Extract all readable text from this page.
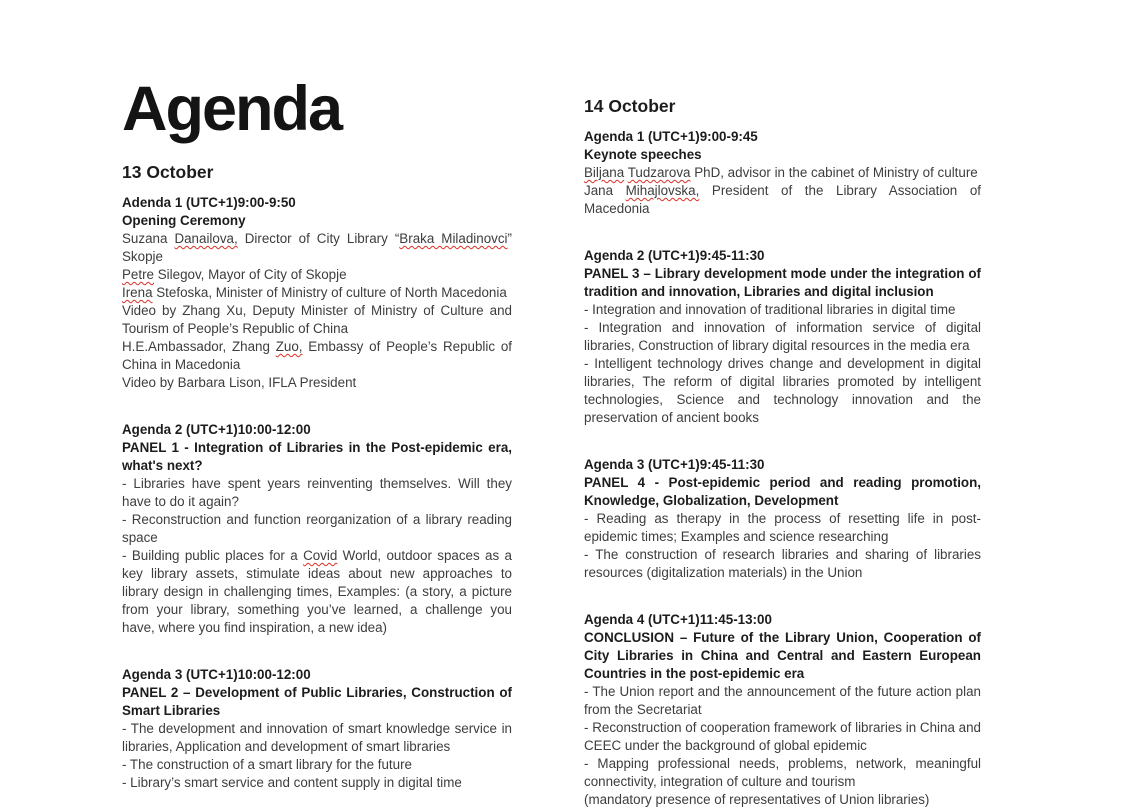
Agenda
13 October

Adenda 1 (UTC+1)9:00-9:50

Opening Ceremony

Suzana Danailova, Director of City Library “Braka Miladinovci” Skopje

Petre Silegov, Mayor of City of Skopje

Irena Stefoska, Minister of Ministry of culture of North Macedonia

Video by Zhang Xu, Deputy Minister of Ministry of Culture and Tourism of People’s Republic of China

H.E.Ambassador, Zhang Zuo, Embassy of People’s Republic of China in Macedonia

Video by Barbara Lison, IFLA President

Agenda 2 (UTC+1)10:00-12:00

PANEL 1 - Integration of Libraries in the Post-epidemic era, what's next?

- Libraries have spent years reinventing themselves. Will they have to do it again?

- Reconstruction and function reorganization of a library reading space

- Building public places for a Covid World, outdoor spaces as a key library assets, stimulate ideas about new approaches to library design in challenging times, Examples: (a story, a picture from your library, something you’ve learned, a challenge you have, where you find inspiration, a new idea)

Agenda 3 (UTC+1)10:00-12:00

PANEL 2 – Development of Public Libraries, Construction of Smart Libraries

- The development and innovation of smart knowledge service in libraries, Application and development of smart libraries

- The construction of a smart library for the future

- Library’s smart service and content supply in digital time

14 October

Agenda 1 (UTC+1)9:00-9:45

Keynote speeches

Biljana Tudzarova PhD, advisor in the cabinet of Ministry of culture

Jana Mihajlovska, President of the Library Association of Macedonia

Agenda 2 (UTC+1)9:45-11:30

PANEL 3 – Library development mode under the integration of tradition and innovation, Libraries and digital inclusion

- Integration and innovation of traditional libraries in digital time

- Integration and innovation of information service of digital libraries, Construction of library digital resources in the media era

- Intelligent technology drives change and development in digital libraries, The reform of digital libraries promoted by intelligent technologies, Science and technology innovation and the preservation of ancient books

Agenda 3 (UTC+1)9:45-11:30

PANEL 4 - Post-epidemic period and reading promotion, Knowledge, Globalization, Development

- Reading as therapy in the process of resetting life in post-epidemic times; Examples and science researching

- The construction of research libraries and sharing of libraries resources (digitalization materials) in the Union

Agenda 4 (UTC+1)11:45-13:00

CONCLUSION – Future of the Library Union, Cooperation of City Libraries in China and Central and Eastern European Countries in the post-epidemic era

- The Union report and the announcement of the future action plan from the Secretariat

- Reconstruction of cooperation framework of libraries in China and CEEC under the background of global epidemic

- Mapping professional needs, problems, network, meaningful connectivity, integration of culture and tourism

(mandatory presence of representatives of Union libraries)
